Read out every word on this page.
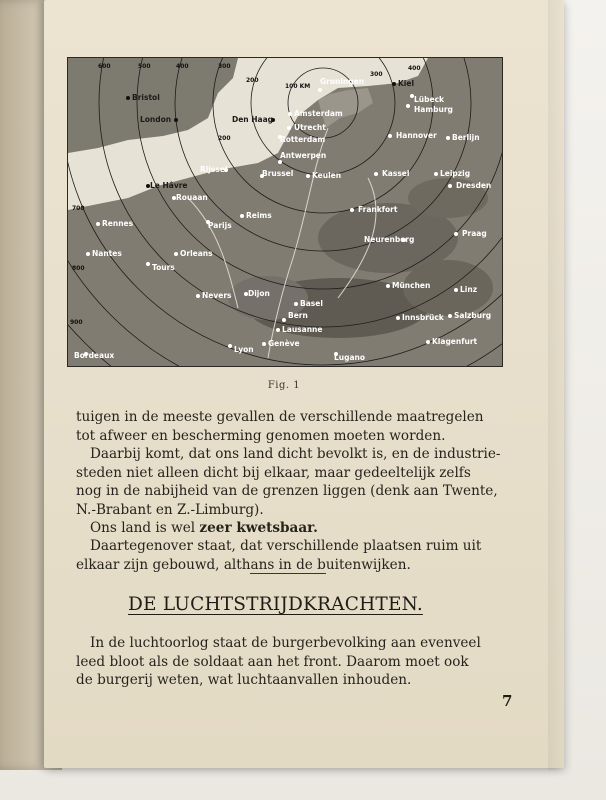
600	500	400	300
200
100 KM
300
400
200
700
800
900
Bristol
London	Den Haag
Amsterdam
Utrecht
Rotterdam
Groningen	Kiel
Lübeck
Hamburg
Hannover Berlijn
Rijssel
Antwerpen
Brussel Keulen	Kassel	Leipzig
Dresden
Le Hâvre
Rouaan
Rennes	Parijs
Reims
Frankfort
Praag
Neurenberg
Nantes	Orleans
Tours
München	Linz
Nevers Dijon
Basel
Bern	Salzburg
Innsbrück
Lausanne
Bordeaux
Lyon
Genève
Lugano
Klagenfurt
Fig. 1

tuigen in de meeste gevallen de verschillende maatregelen

tot afweer en bescherming genomen moeten worden.

Daarbij komt, dat ons land dicht bevolkt is, en de industrie-

steden niet alleen dicht bij elkaar, maar gedeeltelijk zelfs

nog in de nabijheid van de grenzen liggen (denk aan Twente,

N.-Brabant en Z.-Limburg).

Ons land is wel zeer kwetsbaar.

Daartegenover staat, dat verschillende plaatsen ruim uit

elkaar zijn gebouwd, althans in de buitenwijken.

DE LUCHTSTRIJDKRACHTEN.

In de luchtoorlog staat de burgerbevolking aan evenveel

leed bloot als de soldaat aan het front. Daarom moet ook

de burgerij weten, wat luchtaanvallen inhouden.

7
